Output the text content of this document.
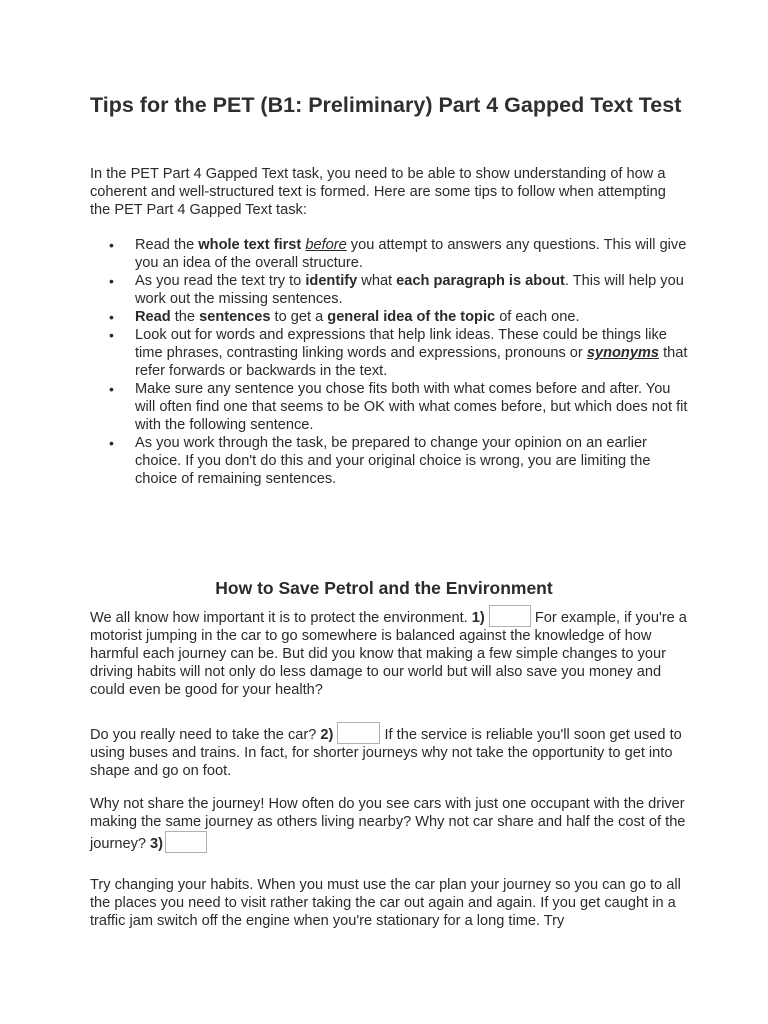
Tips for the PET (B1: Preliminary) Part 4 Gapped Text Test

In the PET Part 4 Gapped Text task, you need to be able to show understanding of how a coherent and well-structured text is formed. Here are some tips to follow when attempting the PET Part 4 Gapped Text task:

• Read the whole text first before you attempt to answers any questions. This will give you an idea of the overall structure.
• As you read the text try to identify what each paragraph is about. This will help you work out the missing sentences.
• Read the sentences to get a general idea of the topic of each one.
• Look out for words and expressions that help link ideas. These could be things like time phrases, contrasting linking words and expressions, pronouns or synonyms that refer forwards or backwards in the text.
• Make sure any sentence you chose fits both with what comes before and after. You will often find one that seems to be OK with what comes before, but which does not fit with the following sentence.
• As you work through the task, be prepared to change your opinion on an earlier choice. If you don't do this and your original choice is wrong, you are limiting the choice of remaining sentences.
How to Save Petrol and the Environment

We all know how important it is to protect the environment. 1)	For example, if you're a motorist jumping in the car to go somewhere is balanced against the knowledge of how harmful each journey can be. But did you know that making a few simple changes to your driving habits will not only do less damage to our world but will also save you money and could even be good for your health?

Do you really need to take the car? 2)	If the service is reliable you'll soon get used to using buses and trains. In fact, for shorter journeys why not take the opportunity to get into shape and go on foot.

Why not share the journey! How often do you see cars with just one occupant with the driver making the same journey as others living nearby? Why not car share and half the cost of the journey? 3)

Try changing your habits. When you must use the car plan your journey so you can go to all the places you need to visit rather taking the car out again and again. If you get caught in a traffic jam switch off the engine when you're stationary for a long time. Try
